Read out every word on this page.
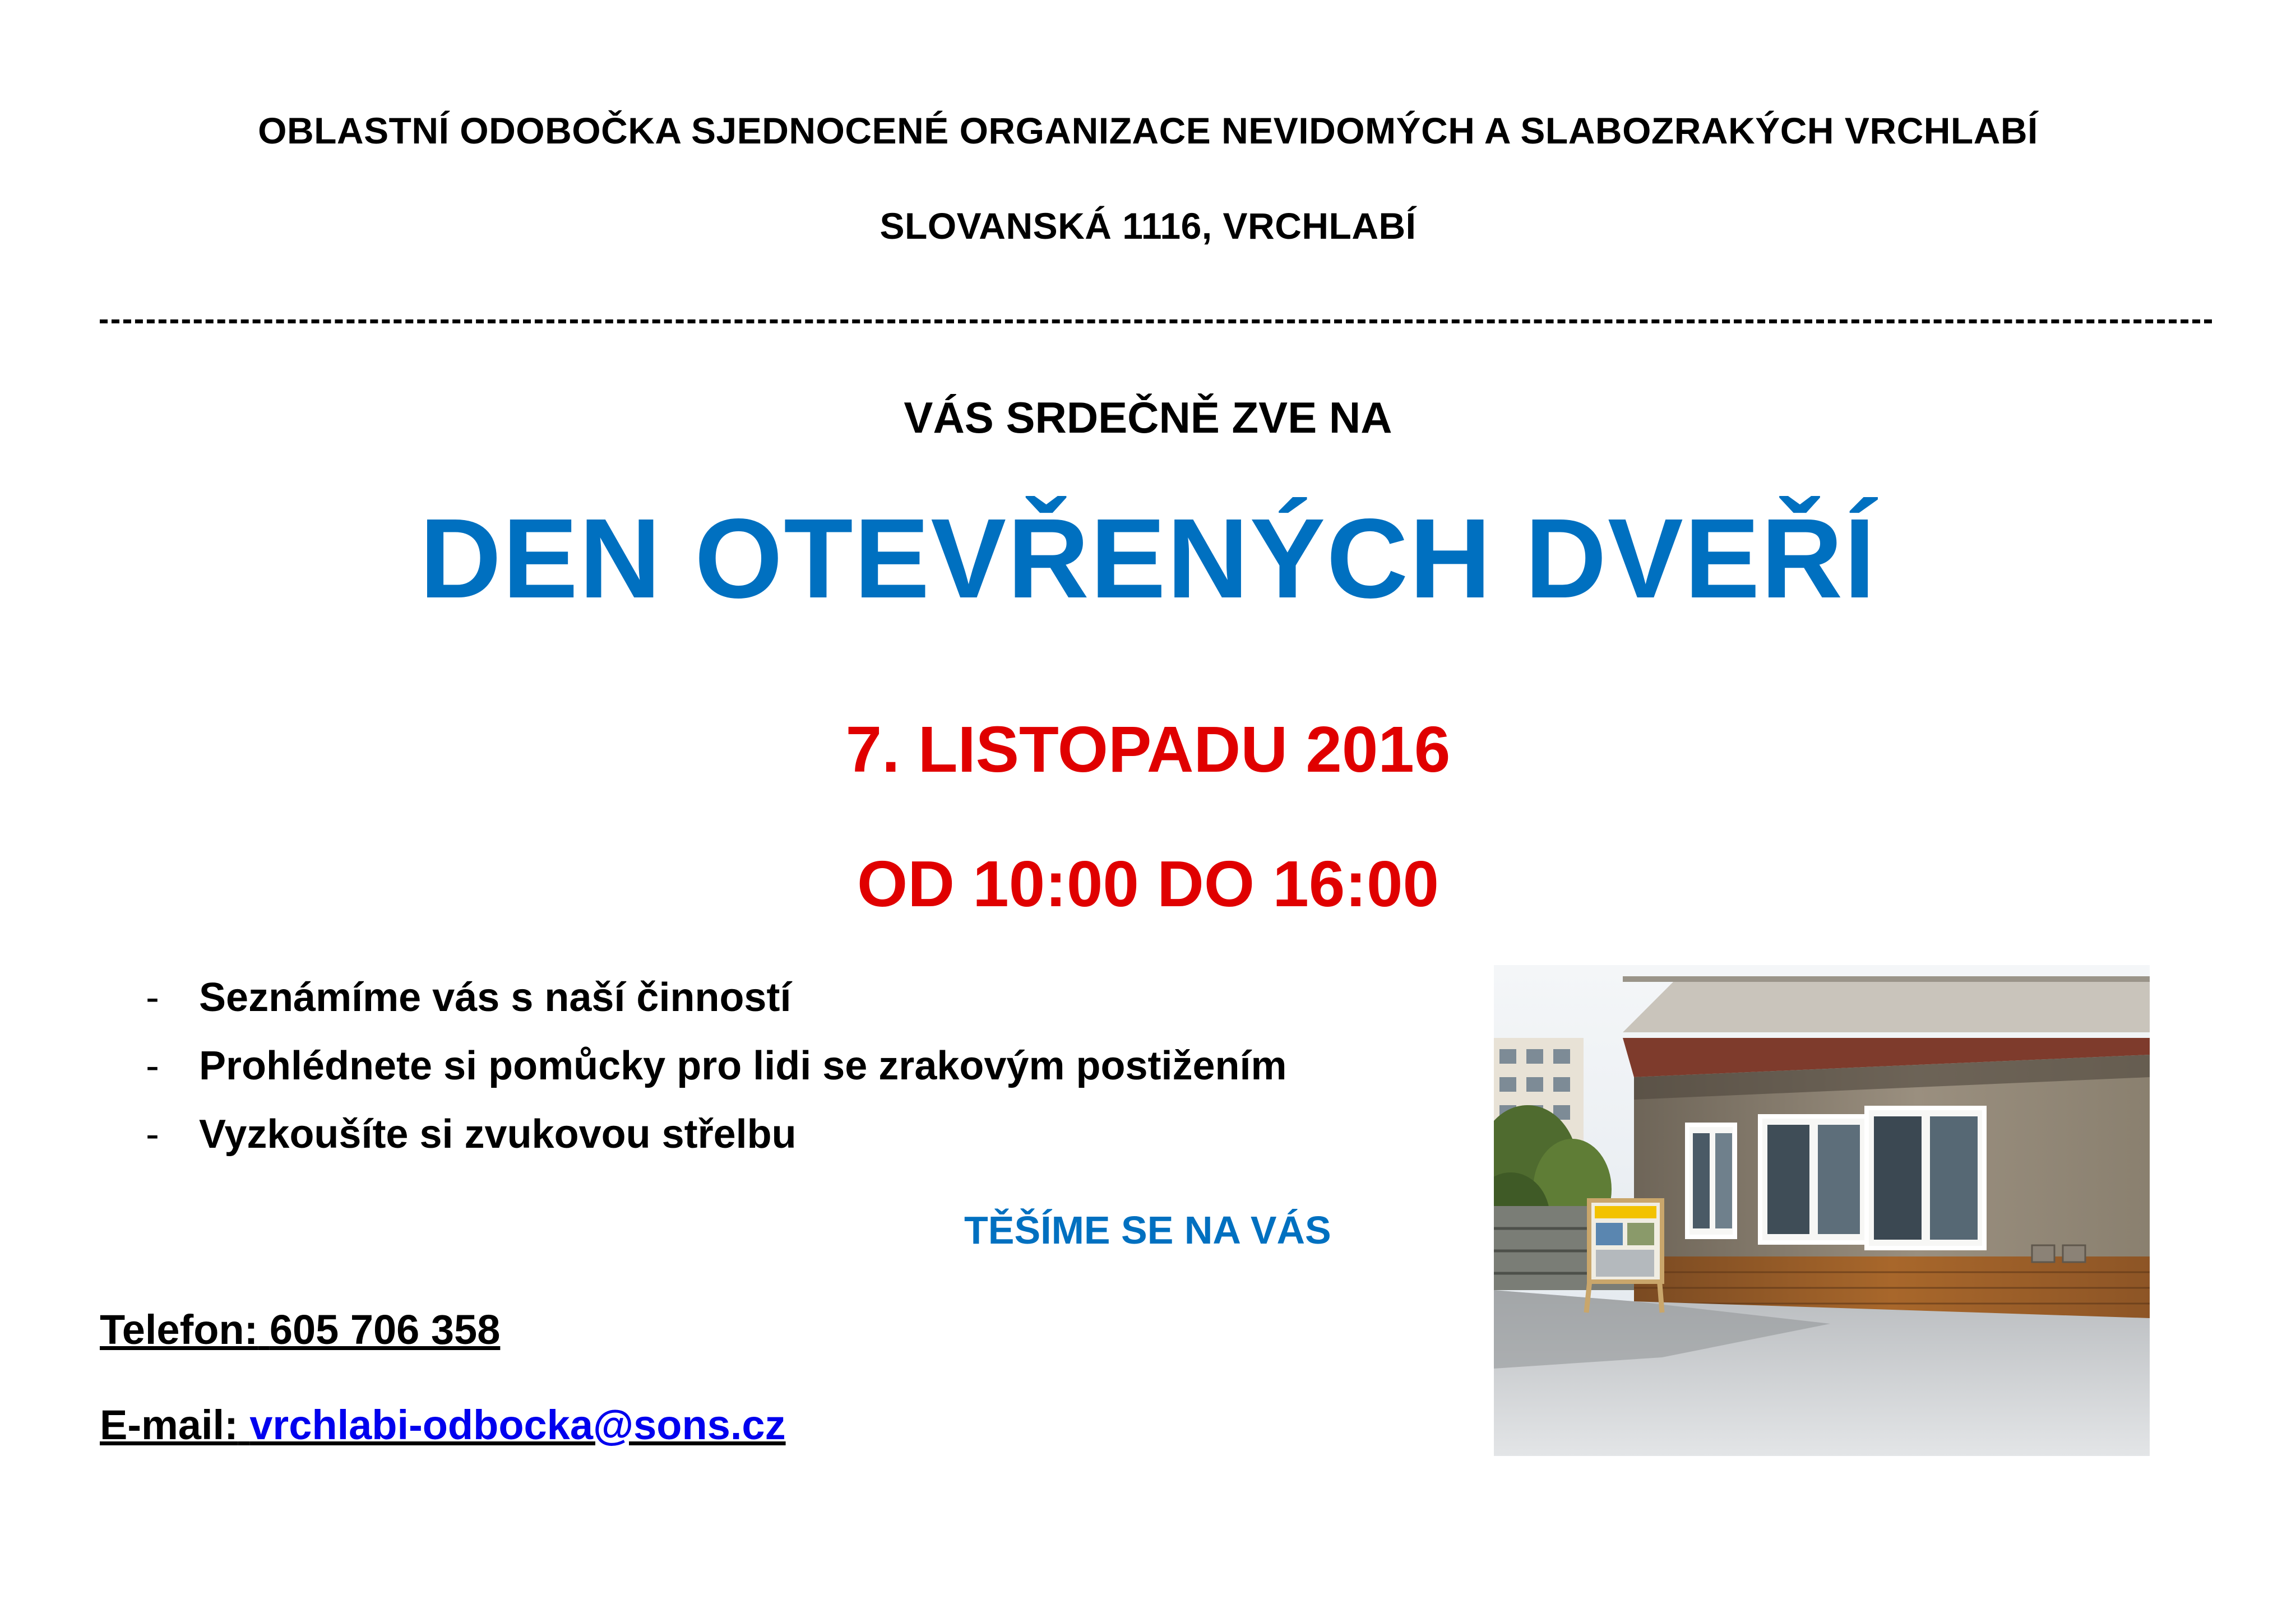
OBLASTNÍ ODOBOČKA SJEDNOCENÉ ORGANIZACE NEVIDOMÝCH A SLABOZRAKÝCH VRCHLABÍ
SLOVANSKÁ 1116, VRCHLABÍ
VÁS SRDEČNĚ ZVE NA
DEN OTEVŘENÝCH DVEŘÍ
7. LISTOPADU 2016
OD 10:00 DO 16:00
- Seznámíme vás s naší činností
- Prohlédnete si pomůcky pro lidi se zrakovým postižením
- Vyzkoušíte si zvukovou střelbu
TĚŠÍME SE NA VÁS
Telefon: 605 706 358
E-mail: vrchlabi-odbocka@sons.cz
